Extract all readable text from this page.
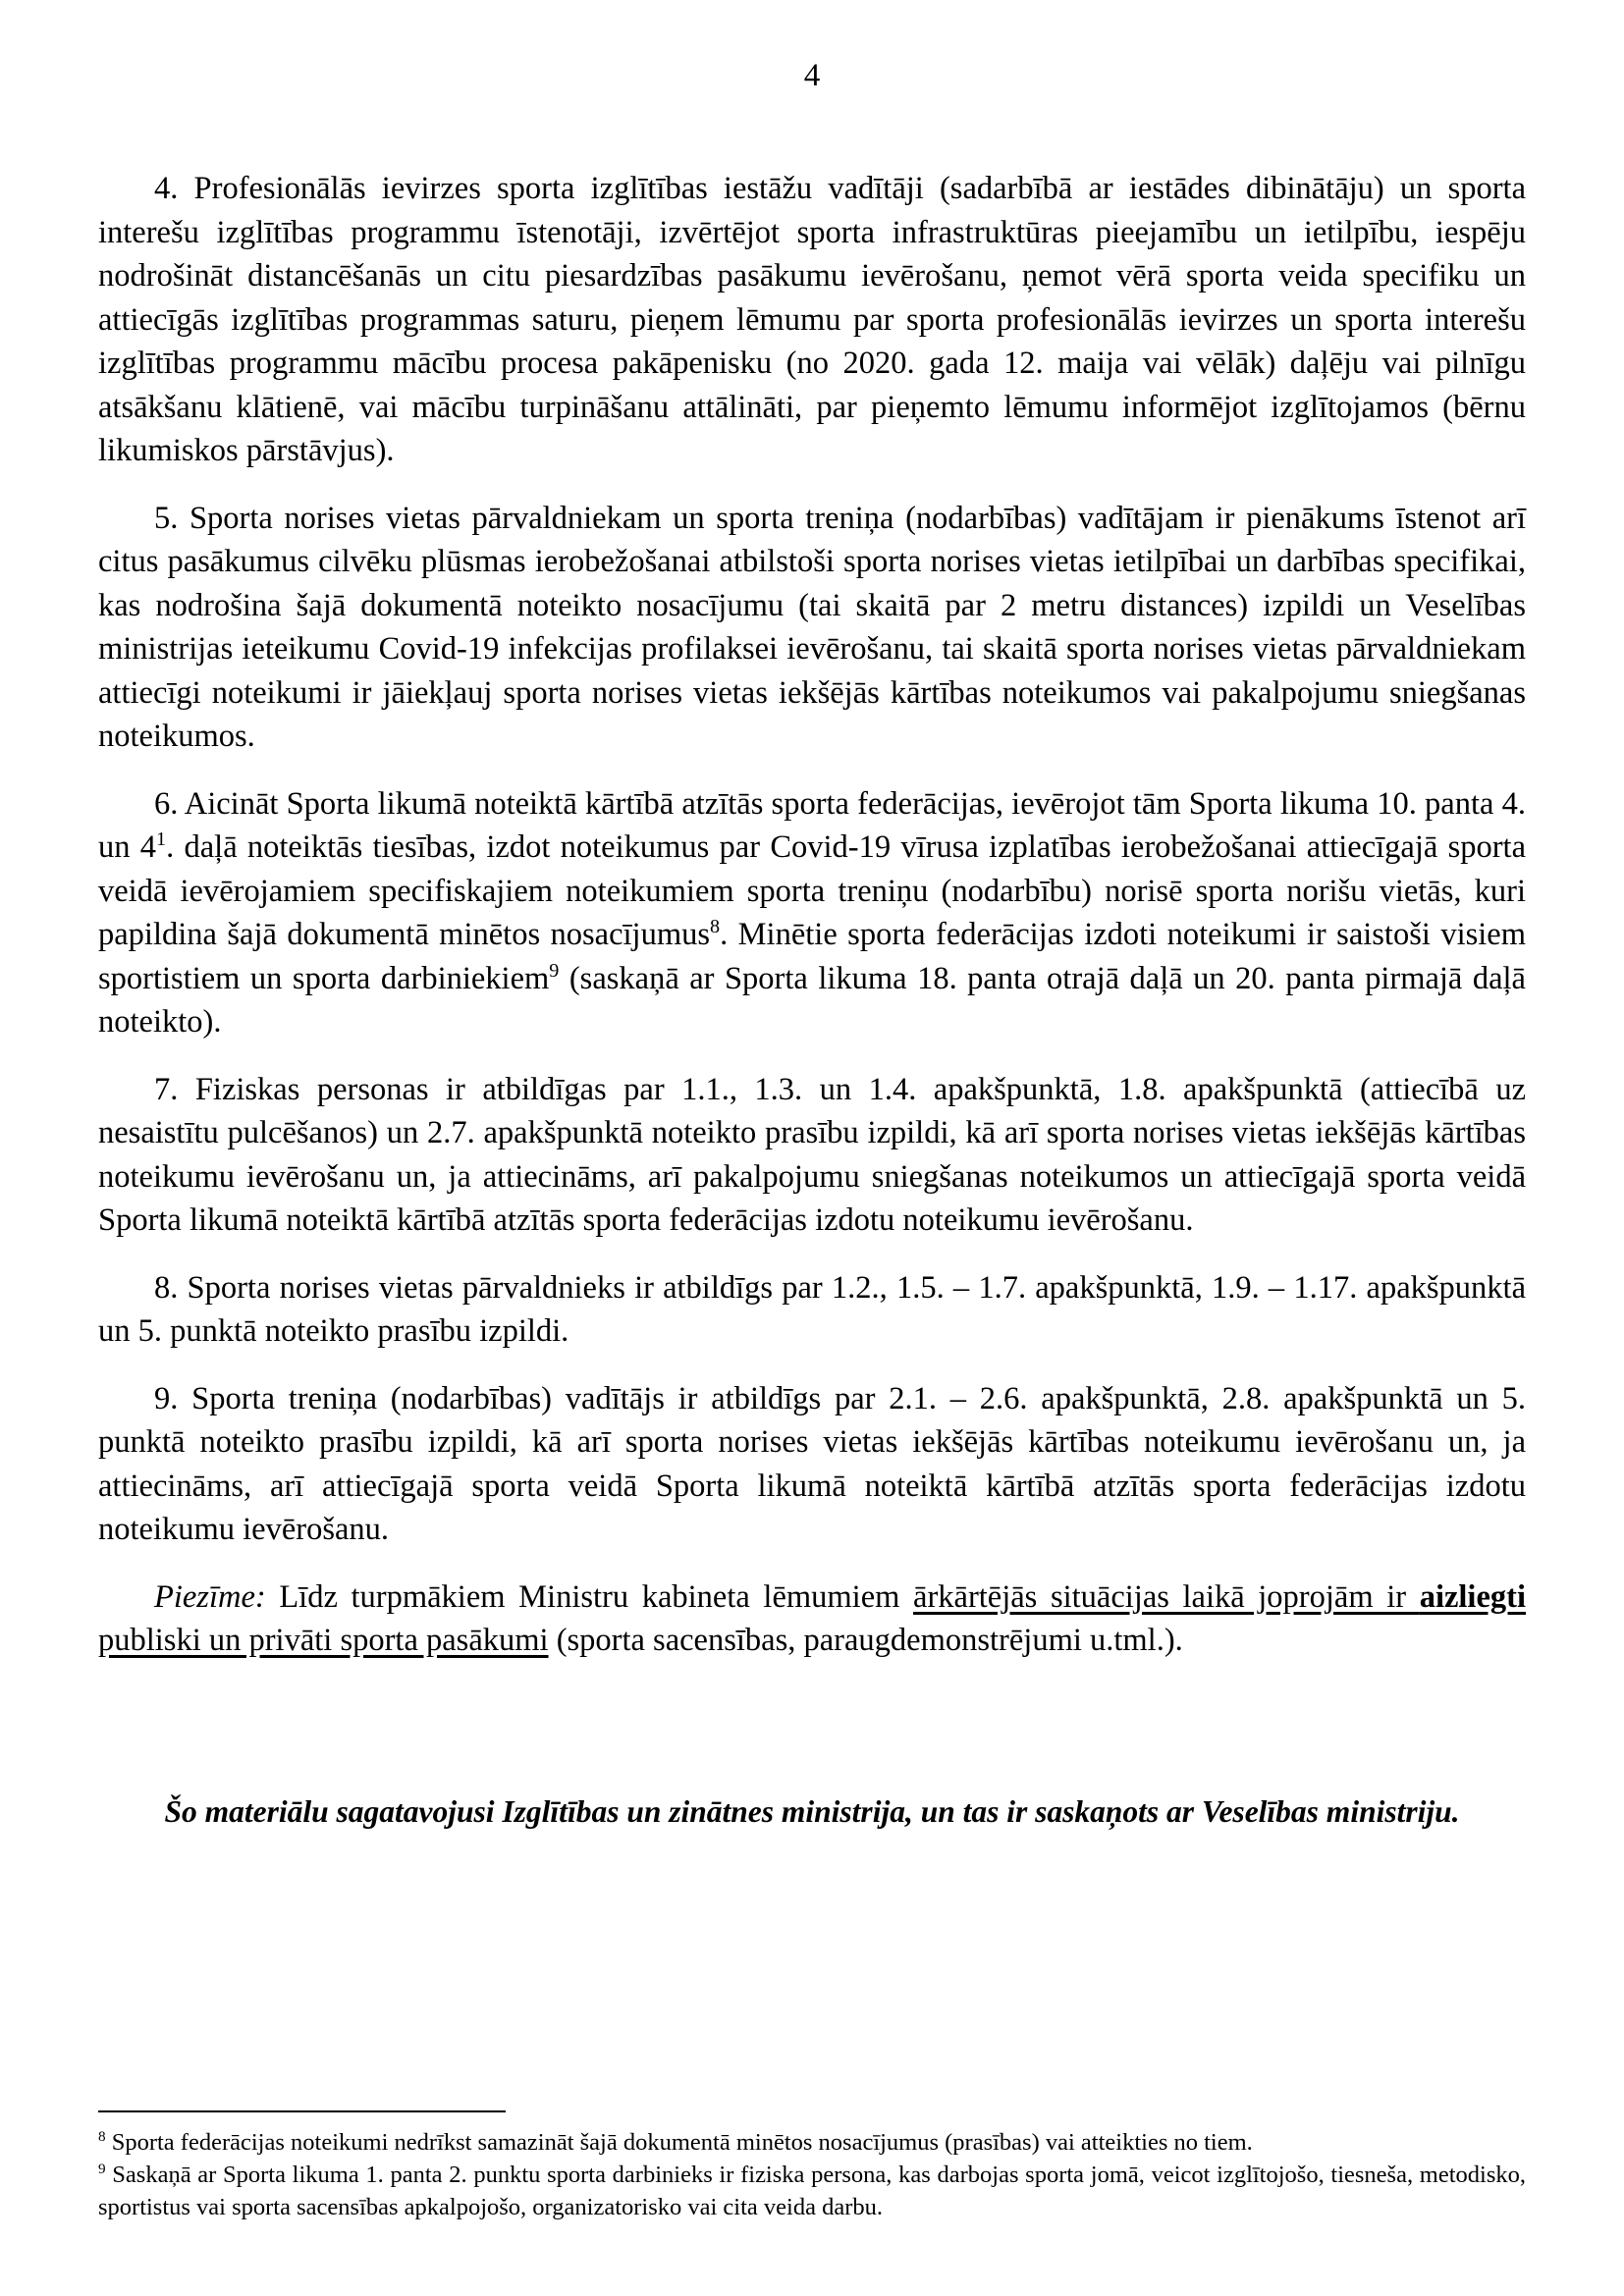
4

4. Profesionālās ievirzes sporta izglītības iestāžu vadītāji (sadarbībā ar iestādes dibinātāju) un sporta interešu izglītības programmu īstenotāji, izvērtējot sporta infrastruktūras pieejamību un ietilpību, iespēju nodrošināt distancēšanās un citu piesardzības pasākumu ievērošanu, ņemot vērā sporta veida specifiku un attiecīgās izglītības programmas saturu, pieņem lēmumu par sporta profesionālās ievirzes un sporta interešu izglītības programmu mācību procesa pakāpenisku (no 2020. gada 12. maija vai vēlāk) daļēju vai pilnīgu atsākšanu klātienē, vai mācību turpināšanu attālināti, par pieņemto lēmumu informējot izglītojamos (bērnu likumiskos pārstāvjus).

5. Sporta norises vietas pārvaldniekam un sporta treniņa (nodarbības) vadītājam ir pienākums īstenot arī citus pasākumus cilvēku plūsmas ierobežošanai atbilstoši sporta norises vietas ietilpībai un darbības specifikai, kas nodrošina šajā dokumentā noteikto nosacījumu (tai skaitā par 2 metru distances) izpildi un Veselības ministrijas ieteikumu Covid-19 infekcijas profilaksei ievērošanu, tai skaitā sporta norises vietas pārvaldniekam attiecīgi noteikumi ir jāiekļauj sporta norises vietas iekšējās kārtības noteikumos vai pakalpojumu sniegšanas noteikumos.

6. Aicināt Sporta likumā noteiktā kārtībā atzītās sporta federācijas, ievērojot tām Sporta likuma 10. panta 4. un $4^1$. daļā noteiktās tiesības, izdot noteikumus par Covid-19 vīrusa izplatības ierobežošanai attiecīgajā sporta veidā ievērojamiem specifiskajiem noteikumiem sporta treniņu (nodarbību) norisē sporta norišu vietās, kuri papildina šajā dokumentā minētos nosacījumus$^8$. Minētie sporta federācijas izdoti noteikumi ir saistoši visiem sportistiem un sporta darbiniekiem$^9$ (saskaņā ar Sporta likuma 18. panta otrajā daļā un 20. panta pirmajā daļā noteikto).

7. Fiziskas personas ir atbildīgas par 1.1., 1.3. un 1.4. apakšpunktā, 1.8. apakšpunktā (attiecībā uz nesaistītu pulcēšanos) un 2.7. apakšpunktā noteikto prasību izpildi, kā arī sporta norises vietas iekšējās kārtības noteikumu ievērošanu un, ja attiecināms, arī pakalpojumu sniegšanas noteikumos un attiecīgajā sporta veidā Sporta likumā noteiktā kārtībā atzītās sporta federācijas izdotu noteikumu ievērošanu.

8. Sporta norises vietas pārvaldnieks ir atbildīgs par 1.2., 1.5. – 1.7. apakšpunktā, 1.9. – 1.17. apakšpunktā un 5. punktā noteikto prasību izpildi.

9. Sporta treniņa (nodarbības) vadītājs ir atbildīgs par 2.1. – 2.6. apakšpunktā, 2.8. apakšpunktā un 5. punktā noteikto prasību izpildi, kā arī sporta norises vietas iekšējās kārtības noteikumu ievērošanu un, ja attiecināms, arī attiecīgajā sporta veidā Sporta likumā noteiktā kārtībā atzītās sporta federācijas izdotu noteikumu ievērošanu.

Piezīme: Līdz turpmākiem Ministru kabineta lēmumiem ārkārtējās situācijas laikā joprojām ir aizliegti publiski un privāti sporta pasākumi (sporta sacensības, paraugdemonstrējumi u.tml.).

Šo materiālu sagatavojusi Izglītības un zinātnes ministrija, un tas ir saskaņots ar Veselības ministriju.
$^8$ Sporta federācijas noteikumi nedrīkst samazināt šajā dokumentā minētos nosacījumus (prasības) vai atteikties no tiem.
$^9$ Saskaņā ar Sporta likuma 1. panta 2. punktu sporta darbinieks ir fiziska persona, kas darbojas sporta jomā, veicot izglītojošo, tiesneša, metodisko, sportistus vai sporta sacensības apkalpojošo, organizatorisko vai cita veida darbu.
